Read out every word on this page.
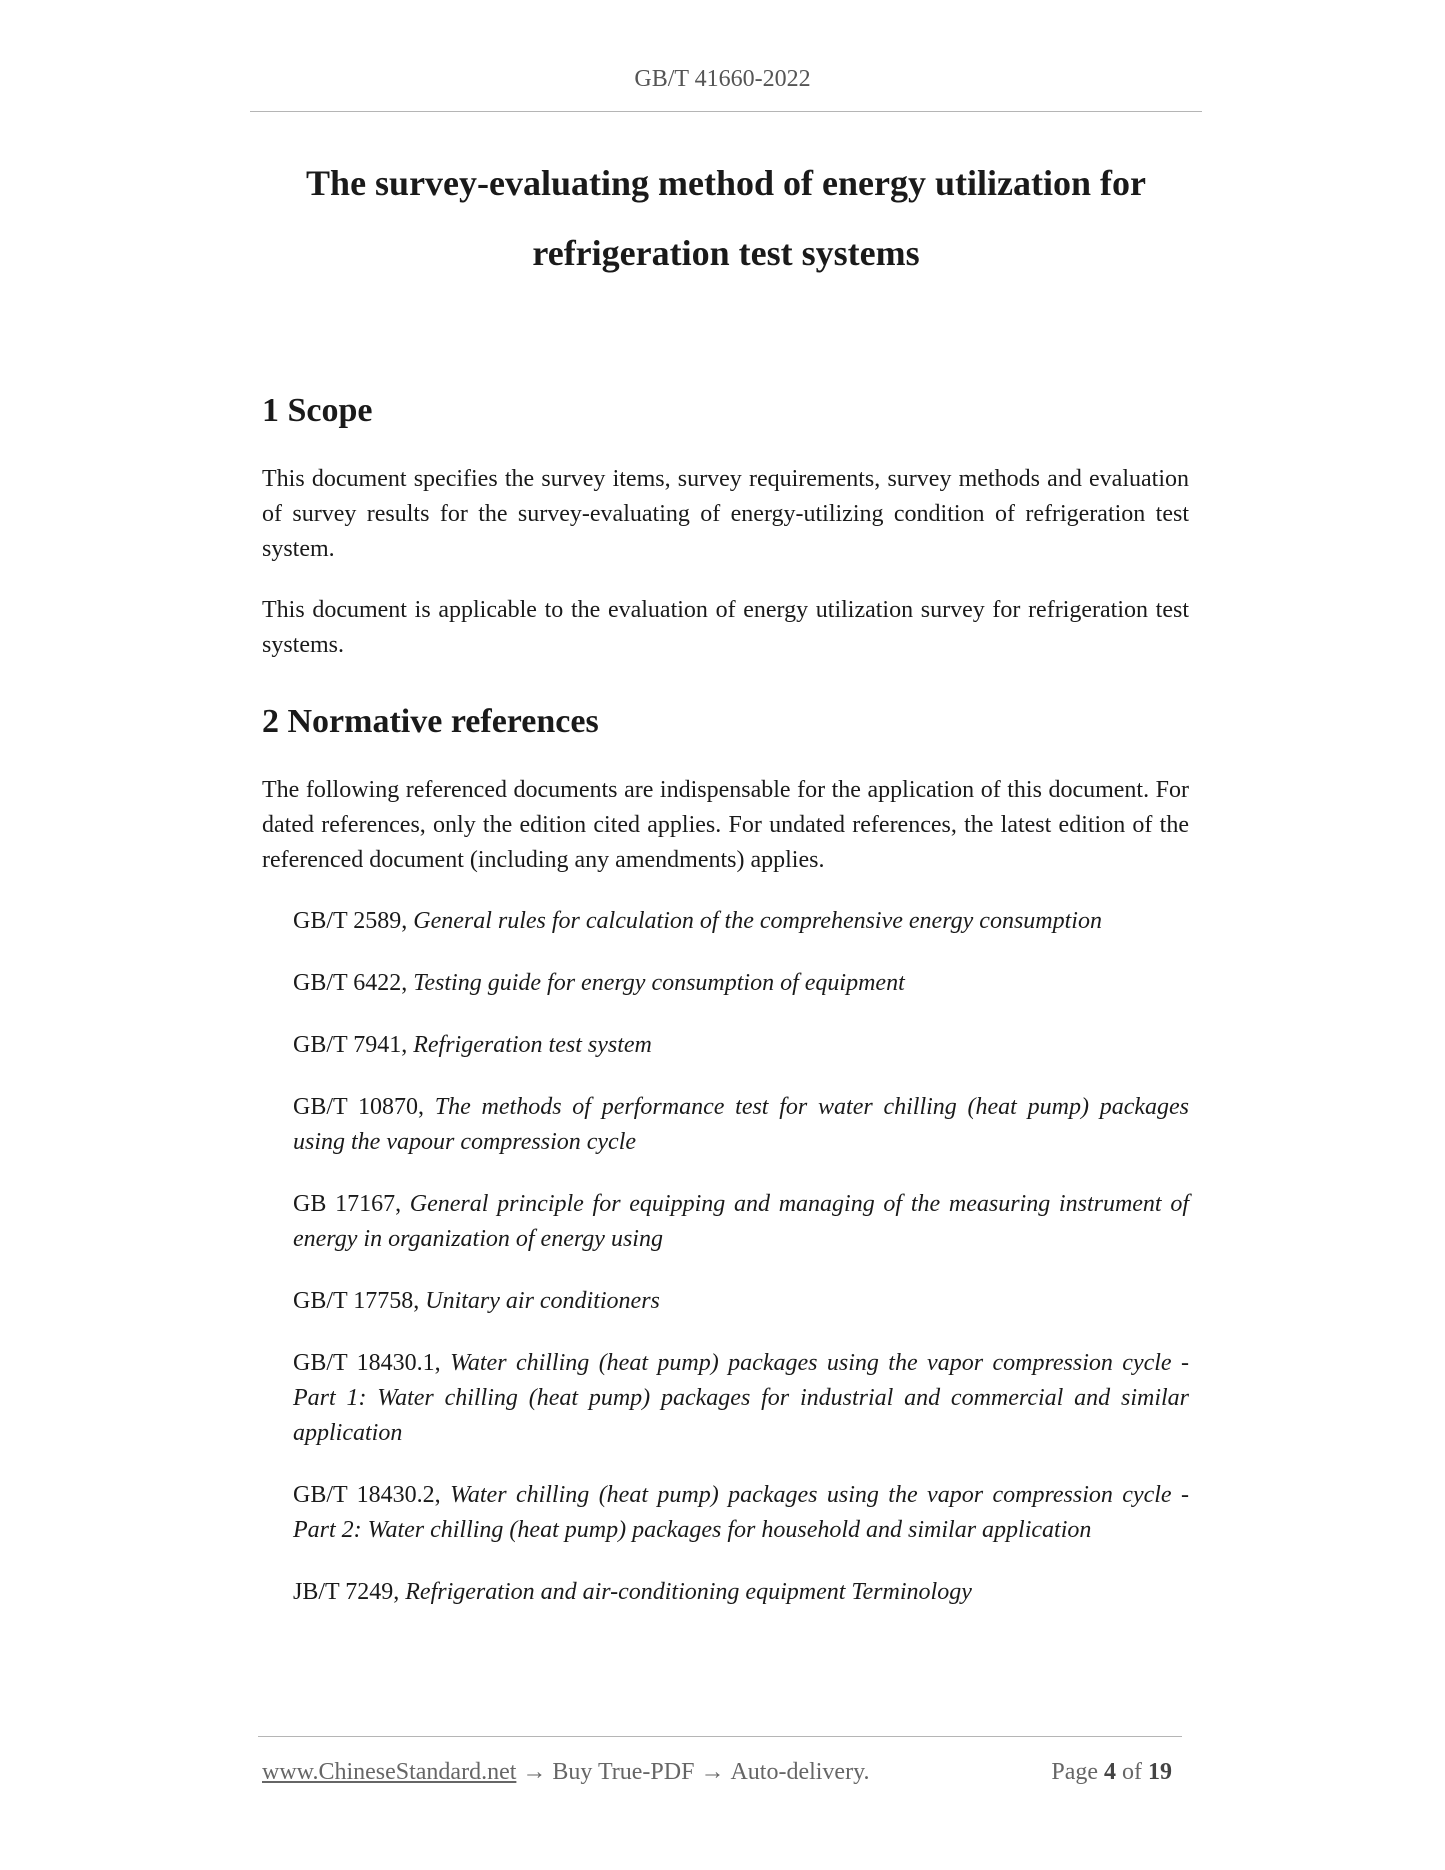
GB/T 41660-2022
The survey-evaluating method of energy utilization for
refrigeration test systems
1 Scope

This document specifies the survey items, survey requirements, survey methods and evaluation of survey results for the survey-evaluating of energy-utilizing condition of refrigeration test system.

This document is applicable to the evaluation of energy utilization survey for refrigeration test systems.

2 Normative references

The following referenced documents are indispensable for the application of this document. For dated references, only the edition cited applies. For undated references, the latest edition of the referenced document (including any amendments) applies.

GB/T 2589, General rules for calculation of the comprehensive energy consumption
GB/T 6422, Testing guide for energy consumption of equipment
GB/T 7941, Refrigeration test system
GB/T 10870, The methods of performance test for water chilling (heat pump) packages using the vapour compression cycle
GB 17167, General principle for equipping and managing of the measuring instrument of energy in organization of energy using
GB/T 17758, Unitary air conditioners
GB/T 18430.1, Water chilling (heat pump) packages using the vapor compression cycle - Part 1: Water chilling (heat pump) packages for industrial and commercial and similar application
GB/T 18430.2, Water chilling (heat pump) packages using the vapor compression cycle - Part 2: Water chilling (heat pump) packages for household and similar application
JB/T 7249, Refrigeration and air-conditioning equipment Terminology
www.ChineseStandard.net → Buy True-PDF → Auto-delivery.	Page 4 of 19
